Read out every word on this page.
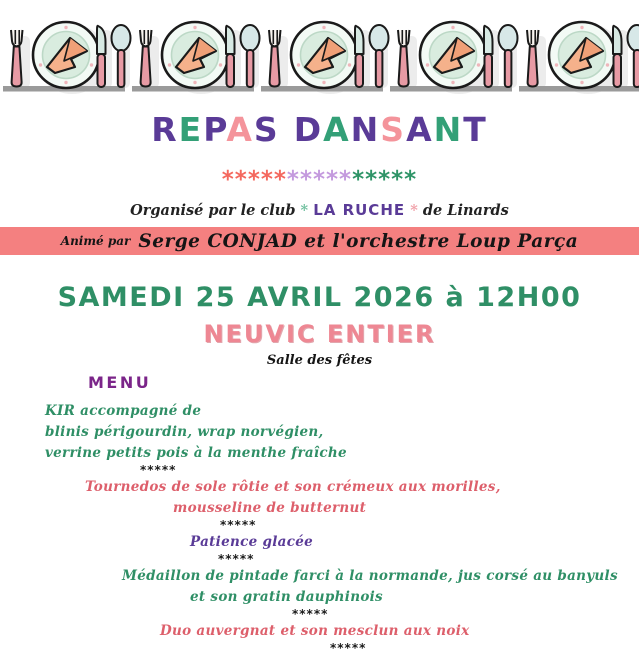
REPAS DANSANT
***************
Organisé par le club * LA RUCHE * de Linards
Animé par Serge CONJAD et l'orchestre Loup Parça
SAMEDI 25 AVRIL 2026 à 12H00
NEUVIC ENTIER
Salle des fêtes
MENU
KIR accompagné de
blinis périgourdin, wrap norvégien,
verrine petits pois à la menthe fraîche
*****
Tournedos de sole rôtie et son crémeux aux morilles,
mousseline de butternut
*****
Patience glacée
*****
Médaillon de pintade farci à la normande, jus corsé au banyuls
et son gratin dauphinois
*****
Duo auvergnat et son mesclun aux noix
*****
